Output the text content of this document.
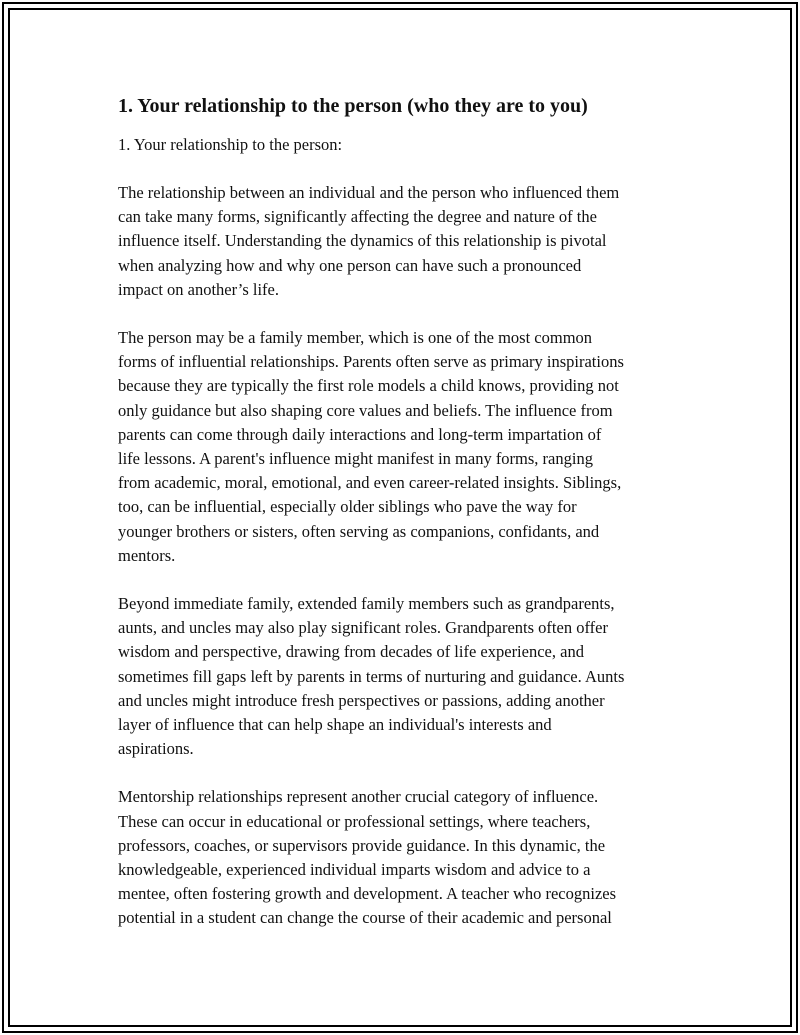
1. Your relationship to the person (who they are to you)
1. Your relationship to the person:
The relationship between an individual and the person who influenced them
can take many forms, significantly affecting the degree and nature of the
influence itself. Understanding the dynamics of this relationship is pivotal
when analyzing how and why one person can have such a pronounced
impact on another’s life.
The person may be a family member, which is one of the most common
forms of influential relationships. Parents often serve as primary inspirations
because they are typically the first role models a child knows, providing not
only guidance but also shaping core values and beliefs. The influence from
parents can come through daily interactions and long-term impartation of
life lessons. A parent's influence might manifest in many forms, ranging
from academic, moral, emotional, and even career-related insights. Siblings,
too, can be influential, especially older siblings who pave the way for
younger brothers or sisters, often serving as companions, confidants, and
mentors.
Beyond immediate family, extended family members such as grandparents,
aunts, and uncles may also play significant roles. Grandparents often offer
wisdom and perspective, drawing from decades of life experience, and
sometimes fill gaps left by parents in terms of nurturing and guidance. Aunts
and uncles might introduce fresh perspectives or passions, adding another
layer of influence that can help shape an individual's interests and
aspirations.
Mentorship relationships represent another crucial category of influence.
These can occur in educational or professional settings, where teachers,
professors, coaches, or supervisors provide guidance. In this dynamic, the
knowledgeable, experienced individual imparts wisdom and advice to a
mentee, often fostering growth and development. A teacher who recognizes
potential in a student can change the course of their academic and personal
